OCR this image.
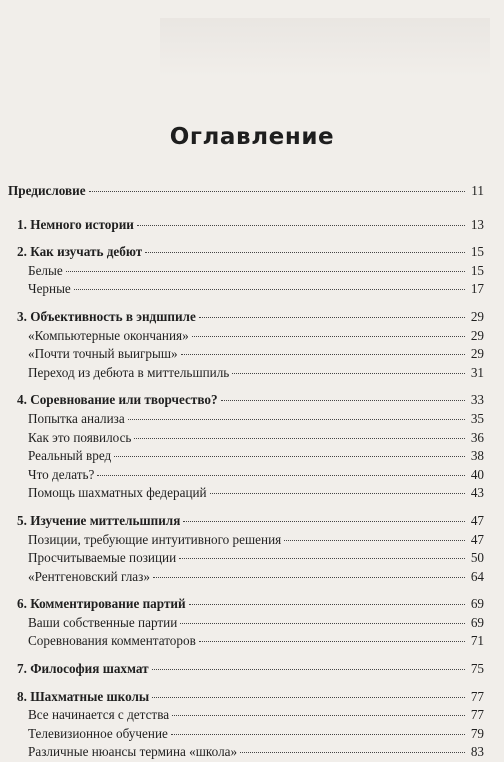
Оглавление
Предисловие	11
1. Немного истории	13
2. Как изучать дебют	15
Белые	15
Черные	17
3. Объективность в эндшпиле	29
«Компьютерные окончания»	29
«Почти точный выигрыш»	29
Переход из дебюта в миттельшпиль	31
4. Соревнование или творчество?	33
Попытка анализа	35
Как это появилось	36
Реальный вред	38
Что делать?	40
Помощь шахматных федераций	43
5. Изучение миттельшпиля	47
Позиции, требующие интуитивного решения	47
Просчитываемые позиции	50
«Рентгеновский глаз»	64
6. Комментирование партий	69
Ваши собственные партии	69
Соревнования комментаторов	71
7. Философия шахмат	75
8. Шахматные школы	77
Все начинается с детства	77
Телевизионное обучение	79
Различные нюансы термина «школа»	83
